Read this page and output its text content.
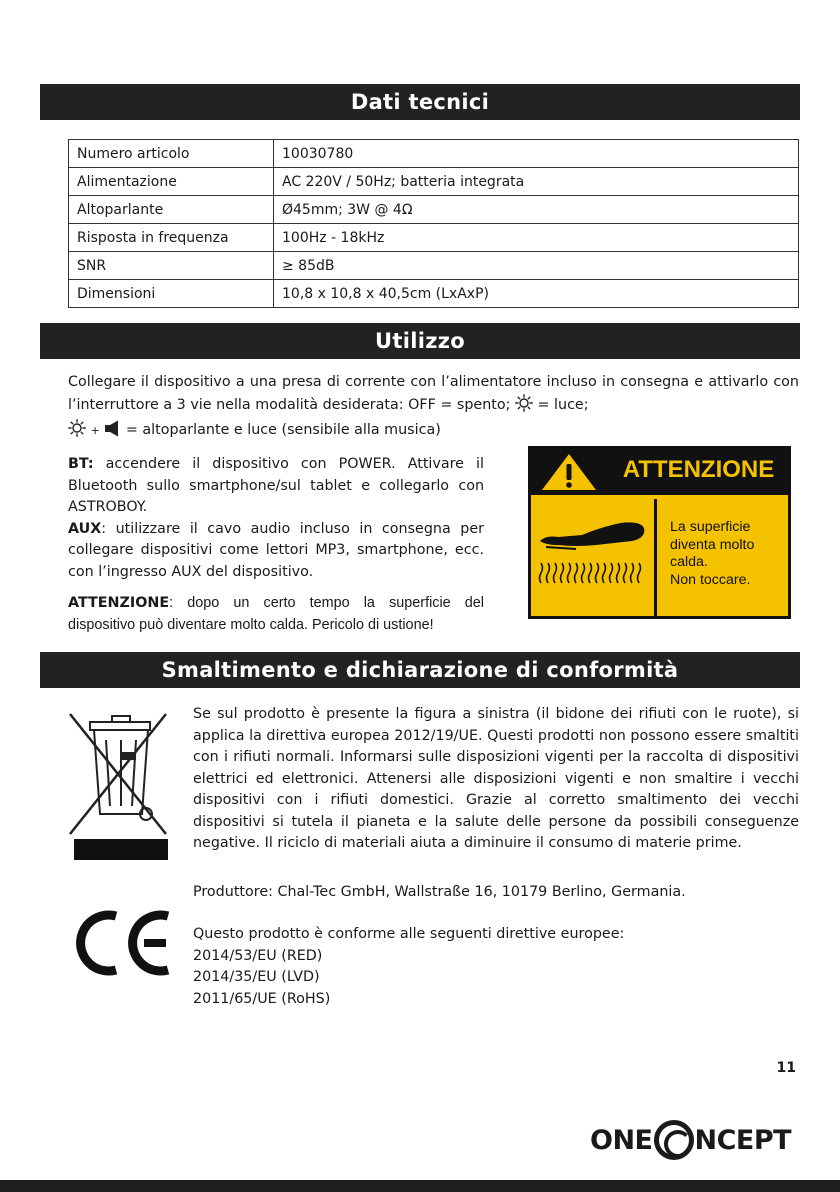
Dati tecnici
Numero articolo	10030780
Alimentazione	AC 220V / 50Hz; batteria integrata
Altoparlante	Ø45mm; 3W @ 4Ω
Risposta in frequenza	100Hz - 18kHz
SNR	≥ 85dB
Dimensioni	10,8 x 10,8 x 40,5cm (LxAxP)
Utilizzo
Collegare il dispositivo a una presa di corrente con l’alimentatore incluso in consegna e attivarlo con l’interruttore a 3 vie nella modalità desiderata: OFF = spento; = luce;
+ = altoparlante e luce (sensibile alla musica)
BT: accendere il dispositivo con POWER. Attivare il Bluetooth sullo smartphone/sul tablet e collegarlo con ASTROBOY.
AUX: utilizzare il cavo audio incluso in consegna per collegare dispositivi come lettori MP3, smartphone, ecc. con l’ingresso AUX del dispositivo.
ATTENZIONE: dopo un certo tempo la superficie del dispositivo può diventare molto calda. Pericolo di ustione!
ATTENZIONE
La superficie
diventa molto
calda.
Non toccare.
Smaltimento e dichiarazione di conformità
Se sul prodotto è presente la figura a sinistra (il bidone dei rifiuti con le ruote), si applica la direttiva europea 2012/19/UE. Questi prodotti non possono essere smaltiti con i rifiuti normali. Informarsi sulle disposizioni vigenti per la raccolta di dispositivi elettrici ed elettronici. Attenersi alle disposizioni vigenti e non smaltire i vecchi dispositivi con i rifiuti domestici. Grazie al corretto smaltimento dei vecchi dispositivi si tutela il pianeta e la salute delle persone da possibili conseguenze negative. Il riciclo di materiali aiuta a diminuire il consumo di materie prime.
Produttore: Chal-Tec GmbH, Wallstraße 16, 10179 Berlino, Germania.
Questo prodotto è conforme alle seguenti direttive europee:
2014/53/EU (RED)
2014/35/EU (LVD)
2011/65/UE (RoHS)
11
ONE NCEPT
